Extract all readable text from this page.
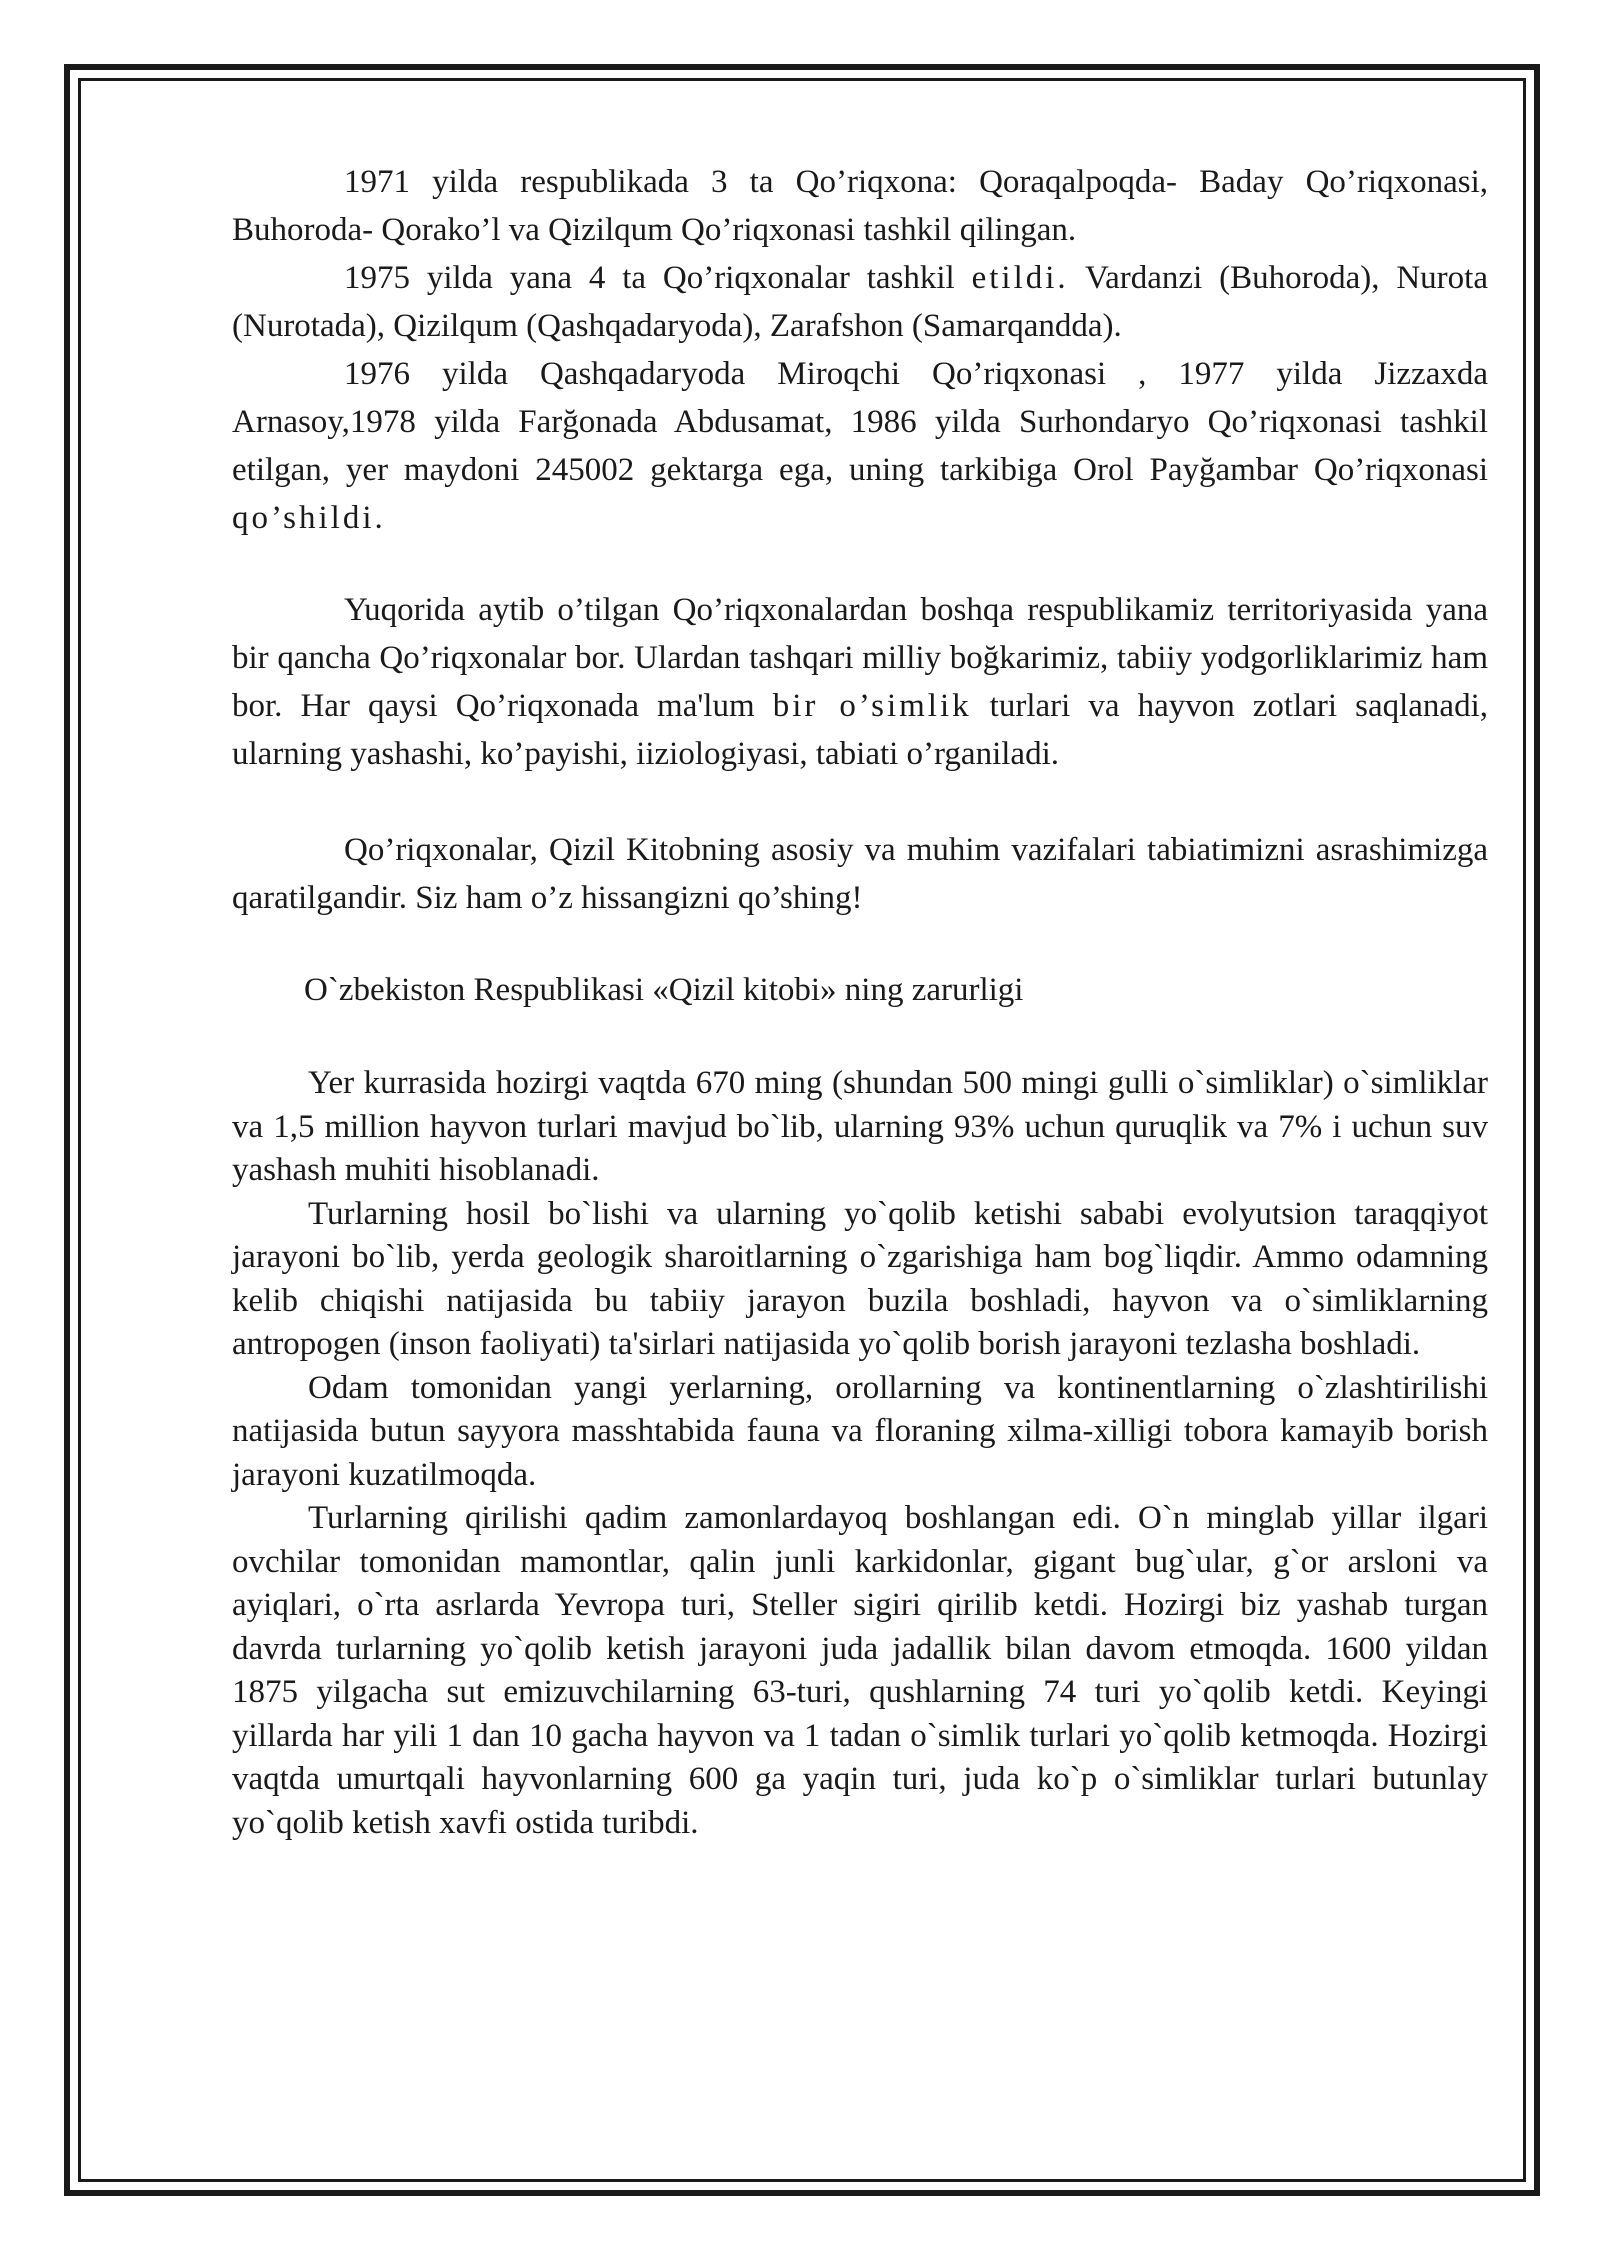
1971 yilda respublikada 3 ta Qo’riqxona: Qoraqalpoqda- Baday Qo’riqxonasi, Buhoroda- Qorako’l va Qizilqum Qo’riqxonasi tashkil qilingan.

1975 yilda yana 4 ta Qo’riqxonalar tashkil etildi. Vardanzi (Buhoroda), Nurota (Nurotada), Qizilqum (Qashqadaryoda), Zarafshon (Samarqandda).

1976 yilda Qashqadaryoda Miroqchi Qo’riqxonasi , 1977 yilda Jizzaxda Arnasoy,1978 yilda Farğonada Abdusamat, 1986 yilda Surhondaryo Qo’riqxonasi tashkil etilgan, yer maydoni 245002 gektarga ega, uning tarkibiga Orol Payğambar Qo’riqxonasi qo’shildi.

Yuqorida aytib o’tilgan Qo’riqxonalardan boshqa respublikamiz territoriyasida yana bir qancha Qo’riqxonalar bor. Ulardan tashqari milliy boğkarimiz, tabiiy yodgorliklarimiz ham bor. Har qaysi Qo’riqxonada ma'lum bir o’simlik turlari va hayvon zotlari saqlanadi, ularning yashashi, ko’payishi, iiziologiyasi, tabiati o’rganiladi.

Qo’riqxonalar, Qizil Kitobning asosiy va muhim vazifalari tabiatimizni asrashimizga qaratilgandir. Siz ham o’z hissangizni qo’shing!

O`zbekiston Respublikasi «Qizil kitobi» ning zarurligi

Yer kurrasida hozirgi vaqtda 670 ming (shundan 500 mingi gulli o`simliklar) o`simliklar va 1,5 million hayvon turlari mavjud bo`lib, ularning 93% uchun quruqlik va 7% i uchun suv yashash muhiti hisoblanadi.

Turlarning hosil bo`lishi va ularning yo`qolib ketishi sababi evolyutsion taraqqiyot jarayoni bo`lib, yerda geologik sharoitlarning o`zgarishiga ham bog`liqdir. Ammo odamning kelib chiqishi natijasida bu tabiiy jarayon buzila boshladi, hayvon va o`simliklarning antropogen (inson faoliyati) ta'sirlari natijasida yo`qolib borish jarayoni tezlasha boshladi.

Odam tomonidan yangi yerlarning, orollarning va kontinentlarning o`zlashtirilishi natijasida butun sayyora masshtabida fauna va floraning xilma-xilligi tobora kamayib borish jarayoni kuzatilmoqda.

Turlarning qirilishi qadim zamonlardayoq boshlangan edi. O`n minglab yillar ilgari ovchilar tomonidan mamontlar, qalin junli karkidonlar, gigant bug`ular, g`or arsloni va ayiqlari, o`rta asrlarda Yevropa turi, Steller sigiri qirilib ketdi. Hozirgi biz yashab turgan davrda turlarning yo`qolib ketish jarayoni juda jadallik bilan davom etmoqda. 1600 yildan 1875 yilgacha sut emizuvchilarning 63-turi, qushlarning 74 turi yo`qolib ketdi. Keyingi yillarda har yili 1 dan 10 gacha hayvon va 1 tadan o`simlik turlari yo`qolib ketmoqda. Hozirgi vaqtda umurtqali hayvonlarning 600 ga yaqin turi, juda ko`p o`simliklar turlari butunlay yo`qolib ketish xavfi ostida turibdi.
